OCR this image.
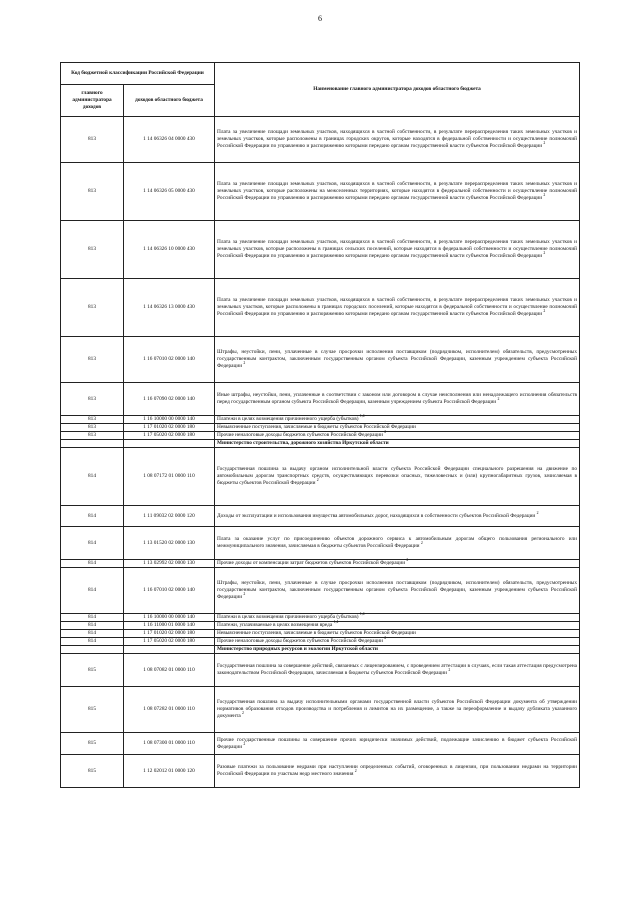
6
Код бюджетной классификации Российской Федерации		Наименование главного администратора доходов областного бюджета
главного администратора доходов	доходов областного бюджета	
813	1 14 06326 04 0000 430	Плата за увеличение площади земельных участков, находящихся в частной собственности, в результате перераспределения таких земельных участков и земельных участков, которые расположены в границах городских округов, которые находятся в федеральной собственности и осуществление полномочий Российской Федерации по управлению и распоряжению которыми передано органам государственной власти субъектов Российской Федерации $^2$
813	1 14 06326 05 0000 430	Плата за увеличение площади земельных участков, находящихся в частной собственности, в результате перераспределения таких земельных участков и земельных участков, которые расположены на межселенных территориях, которые находятся в федеральной собственности и осуществление полномочий Российской Федерации по управлению и распоряжению которыми передано органам государственной власти субъектов Российской Федерации $^2$
813	1 14 06326 10 0000 430	Плата за увеличение площади земельных участков, находящихся в частной собственности, в результате перераспределения таких земельных участков и земельных участков, которые расположены в границах сельских поселений, которые находятся в федеральной собственности и осуществление полномочий Российской Федерации по управлению и распоряжению которыми передано органам государственной власти субъектов Российской Федерации $^2$
813	1 14 06326 13 0000 430	Плата за увеличение площади земельных участков, находящихся в частной собственности, в результате перераспределения таких земельных участков и земельных участков, которые расположены в границах городских поселений, которые находятся в федеральной собственности и осуществление полномочий Российской Федерации по управлению и распоряжению которыми передано органам государственной власти субъектов Российской Федерации $^2$
813	1 16 07010 02 0000 140	Штрафы, неустойки, пени, уплаченные в случае просрочки исполнения поставщиком (подрядчиком, исполнителем) обязательств, предусмотренных государственным контрактом, заключенным государственным органом субъекта Российской Федерации, казенным учреждением субъекта Российской Федерации $^2$
813	1 16 07090 02 0000 140	Иные штрафы, неустойки, пени, уплаченные в соответствии с законом или договором в случае неисполнения или ненадлежащего исполнения обязательств перед государственным органом субъекта Российской Федерации, казенным учреждением субъекта Российской Федерации $^2$
813	1 16 10000 00 0000 140	Платежи в целях возмещения причиненного ущерба (убытков) $^{1,4}$
813	1 17 01020 02 0000 180	Невыясненные поступления, зачисляемые в бюджеты субъектов Российской Федерации
813	1 17 05020 02 0000 180	Прочие неналоговые доходы бюджетов субъектов Российской Федерации $^2$
		Министерство строительства, дорожного хозяйства Иркутской области
814	1 08 07172 01 0000 110	Государственная пошлина за выдачу органом исполнительной власти субъекта Российской Федерации специального разрешения на движение по автомобильным дорогам транспортных средств, осуществляющих перевозки опасных, тяжеловесных и (или) крупногабаритных грузов, зачисляемая в бюджеты субъектов Российской Федерации $^2$
814	1 11 09032 02 0000 120	Доходы от эксплуатации и использования имущества автомобильных дорог, находящихся в собственности субъектов Российской Федерации $^2$
814	1 13 01520 02 0000 130	Плата за оказание услуг по присоединению объектов дорожного сервиса к автомобильным дорогам общего пользования регионального или межмуниципального значения, зачисляемая в бюджеты субъектов Российской Федерации $^2$
814	1 13 02992 02 0000 130	Прочие доходы от компенсации затрат бюджетов субъектов Российской Федерации $^2$
814	1 16 07010 02 0000 140	Штрафы, неустойки, пени, уплаченные в случае просрочки исполнения поставщиком (подрядчиком, исполнителем) обязательств, предусмотренных государственным контрактом, заключенным государственным органом субъекта Российской Федерации, казенным учреждением субъекта Российской Федерации $^2$
814	1 16 10000 00 0000 140	Платежи в целях возмещения причиненного ущерба (убытков) $^{1,4}$
814	1 16 11000 01 0000 140	Платежи, уплачиваемые в целях возмещения вреда $^{1,4}$
814	1 17 01020 02 0000 180	Невыясненные поступления, зачисляемые в бюджеты субъектов Российской Федерации
814	1 17 05020 02 0000 180	Прочие неналоговые доходы бюджетов субъектов Российской Федерации $^2$
		Министерство природных ресурсов и экологии Иркутской области
815	1 08 07082 01 0000 110	Государственная пошлина за совершение действий, связанных с лицензированием, с проведением аттестации в случаях, если такая аттестация предусмотрена законодательством Российской Федерации, зачисляемая в бюджеты субъектов Российской Федерации $^2$
815	1 08 07282 01 0000 110	Государственная пошлина за выдачу исполнительными органами государственной власти субъектов Российской Федерации документа об утверждении нормативов образования отходов производства и потребления и лимитов на их размещение, а также за переоформление и выдачу дубликата указанного документа $^2$
815	1 08 07300 01 0000 110	Прочие государственные пошлины за совершение прочих юридически значимых действий, подлежащие зачислению в бюджет субъекта Российской Федерации $^2$
815	1 12 02012 01 0000 120	Разовые платежи за пользование недрами при наступлении определенных событий, оговоренных в лицензии, при пользовании недрами на территории Российской Федерации по участкам недр местного значения $^2$
